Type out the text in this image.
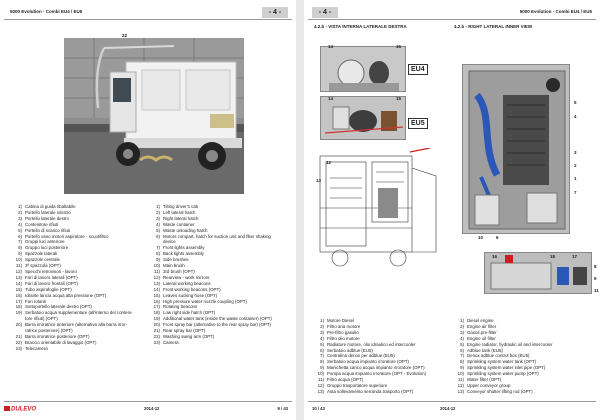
5000 Evolution - Combi EU4 / EU5	- 4 -
22
1) Cabina di guida ribaltabile
2) Portello laterale sinistro
3) Portello laterale destro
4) Contenitore rifiuti
5) Portello di scarico rifiuti
6) Portello vano motori aspiratore - scuotifiltro
7) Gruppi luci anteriore
8) Gruppo luci posteriore
9) Spazzole laterali
10) Spazzole centrale
11) 3ª spazzola (OPT)
12) Specchi retrovisori - lavoro
13) Fari di lavoro laterali (OPT)
14) Fari di lavoro frontali (OPT)
15) Tubo aspirafoglie (OPT)
16) Idrante lancia acqua alta pressione (OPT)
17) Fari rotanti
18) Sottoportello laterale destro (OPT)
19) Serbatoio acqua supplementare (all'interno del conteni-
tore rifiuti) (OPT)
20) Barra irroratrice anteriore (alternativa alla barra irror-
ratrice posteriore) (OPT)
21) Barra irroratrice posteriore (OPT)
22) Braccio orientabile di lavaggio (OPT)
23) Telecamera
1) Tilting driver's cab
2) Left lateral hatch
3) Right lateral hatch
4) Waste container
5) Waste unloading hatch
6) Motors compart. hatch for suction unit and filter shaking
device
7) Front lights assembly
8) Back lights assembly
9) Side brushes
10) Main brush
11) 3rd brush (OPT)
12) Rearview - work mirrors
13) Lateral working beacons
14) Front working beacons (OPT)
15) Leaves sucking hose (OPT)
16) High pressure water nozzle coupling (OPT)
17) Rotating beacons
18) Low right side hatch (OPT)
19) Additional water tank (inside the waste container) (OPT)
20) Front spray bar (alternative to the rear spray bar) (OPT)
21) Rear spray bar (OPT)
22) Washing swing arm (OPT)
23) Camera
DULEVO	2014-12	9 / 43
- 4 -	5000 Evolution - Combi EU4 / EU5
4.2.b - VISTA INTERNA LATERALE DESTRA	4.2.b - RIGHT LATERAL INNER VIEW
14	15
EU4
14	15
EU5
12
13
5
4
3
2
1
7
10	6
16	18	17
8
9
11
1) Motore Diesel
2) Filtro aria motore
3) Pre-filtro gasolio
4) Filtro olio motore
5) Radiatore motore, olio idraulico ed intercooler
6) Serbatoio adblue (EU5)
7) Centralina denox per adblue (EU5)
8) Serbatoio acqua impianto irroratore (OPT)
9) Manichetta carico acqua impianto irroratore (OPT)
10) Pompa acqua impianto irroratore (OPT - Evolution)
11) Filtro acqua (OPT)
12) Gruppo trasportatore superiore
13) Asta sollevamento serranda trasporto (OPT)
1) Diesel engine
2) Engine air filter
3) Gasoil pre-filter
4) Engine oil filter
5) Engine radiator, hydraulic oil and intercooler
6) Adblue tank (EU5)
7) Denox adblue control box (EU5)
8) Sprinkling system water tank (OPT)
9) Sprinkling system water inlet pipe (OPT)
10) Sprinkling system water pump (OPT)
11) Water filter (OPT)
12) Upper conveyor group
13) Conveyor shutter lifting rod (OPT)
10 / 43	2014-12
